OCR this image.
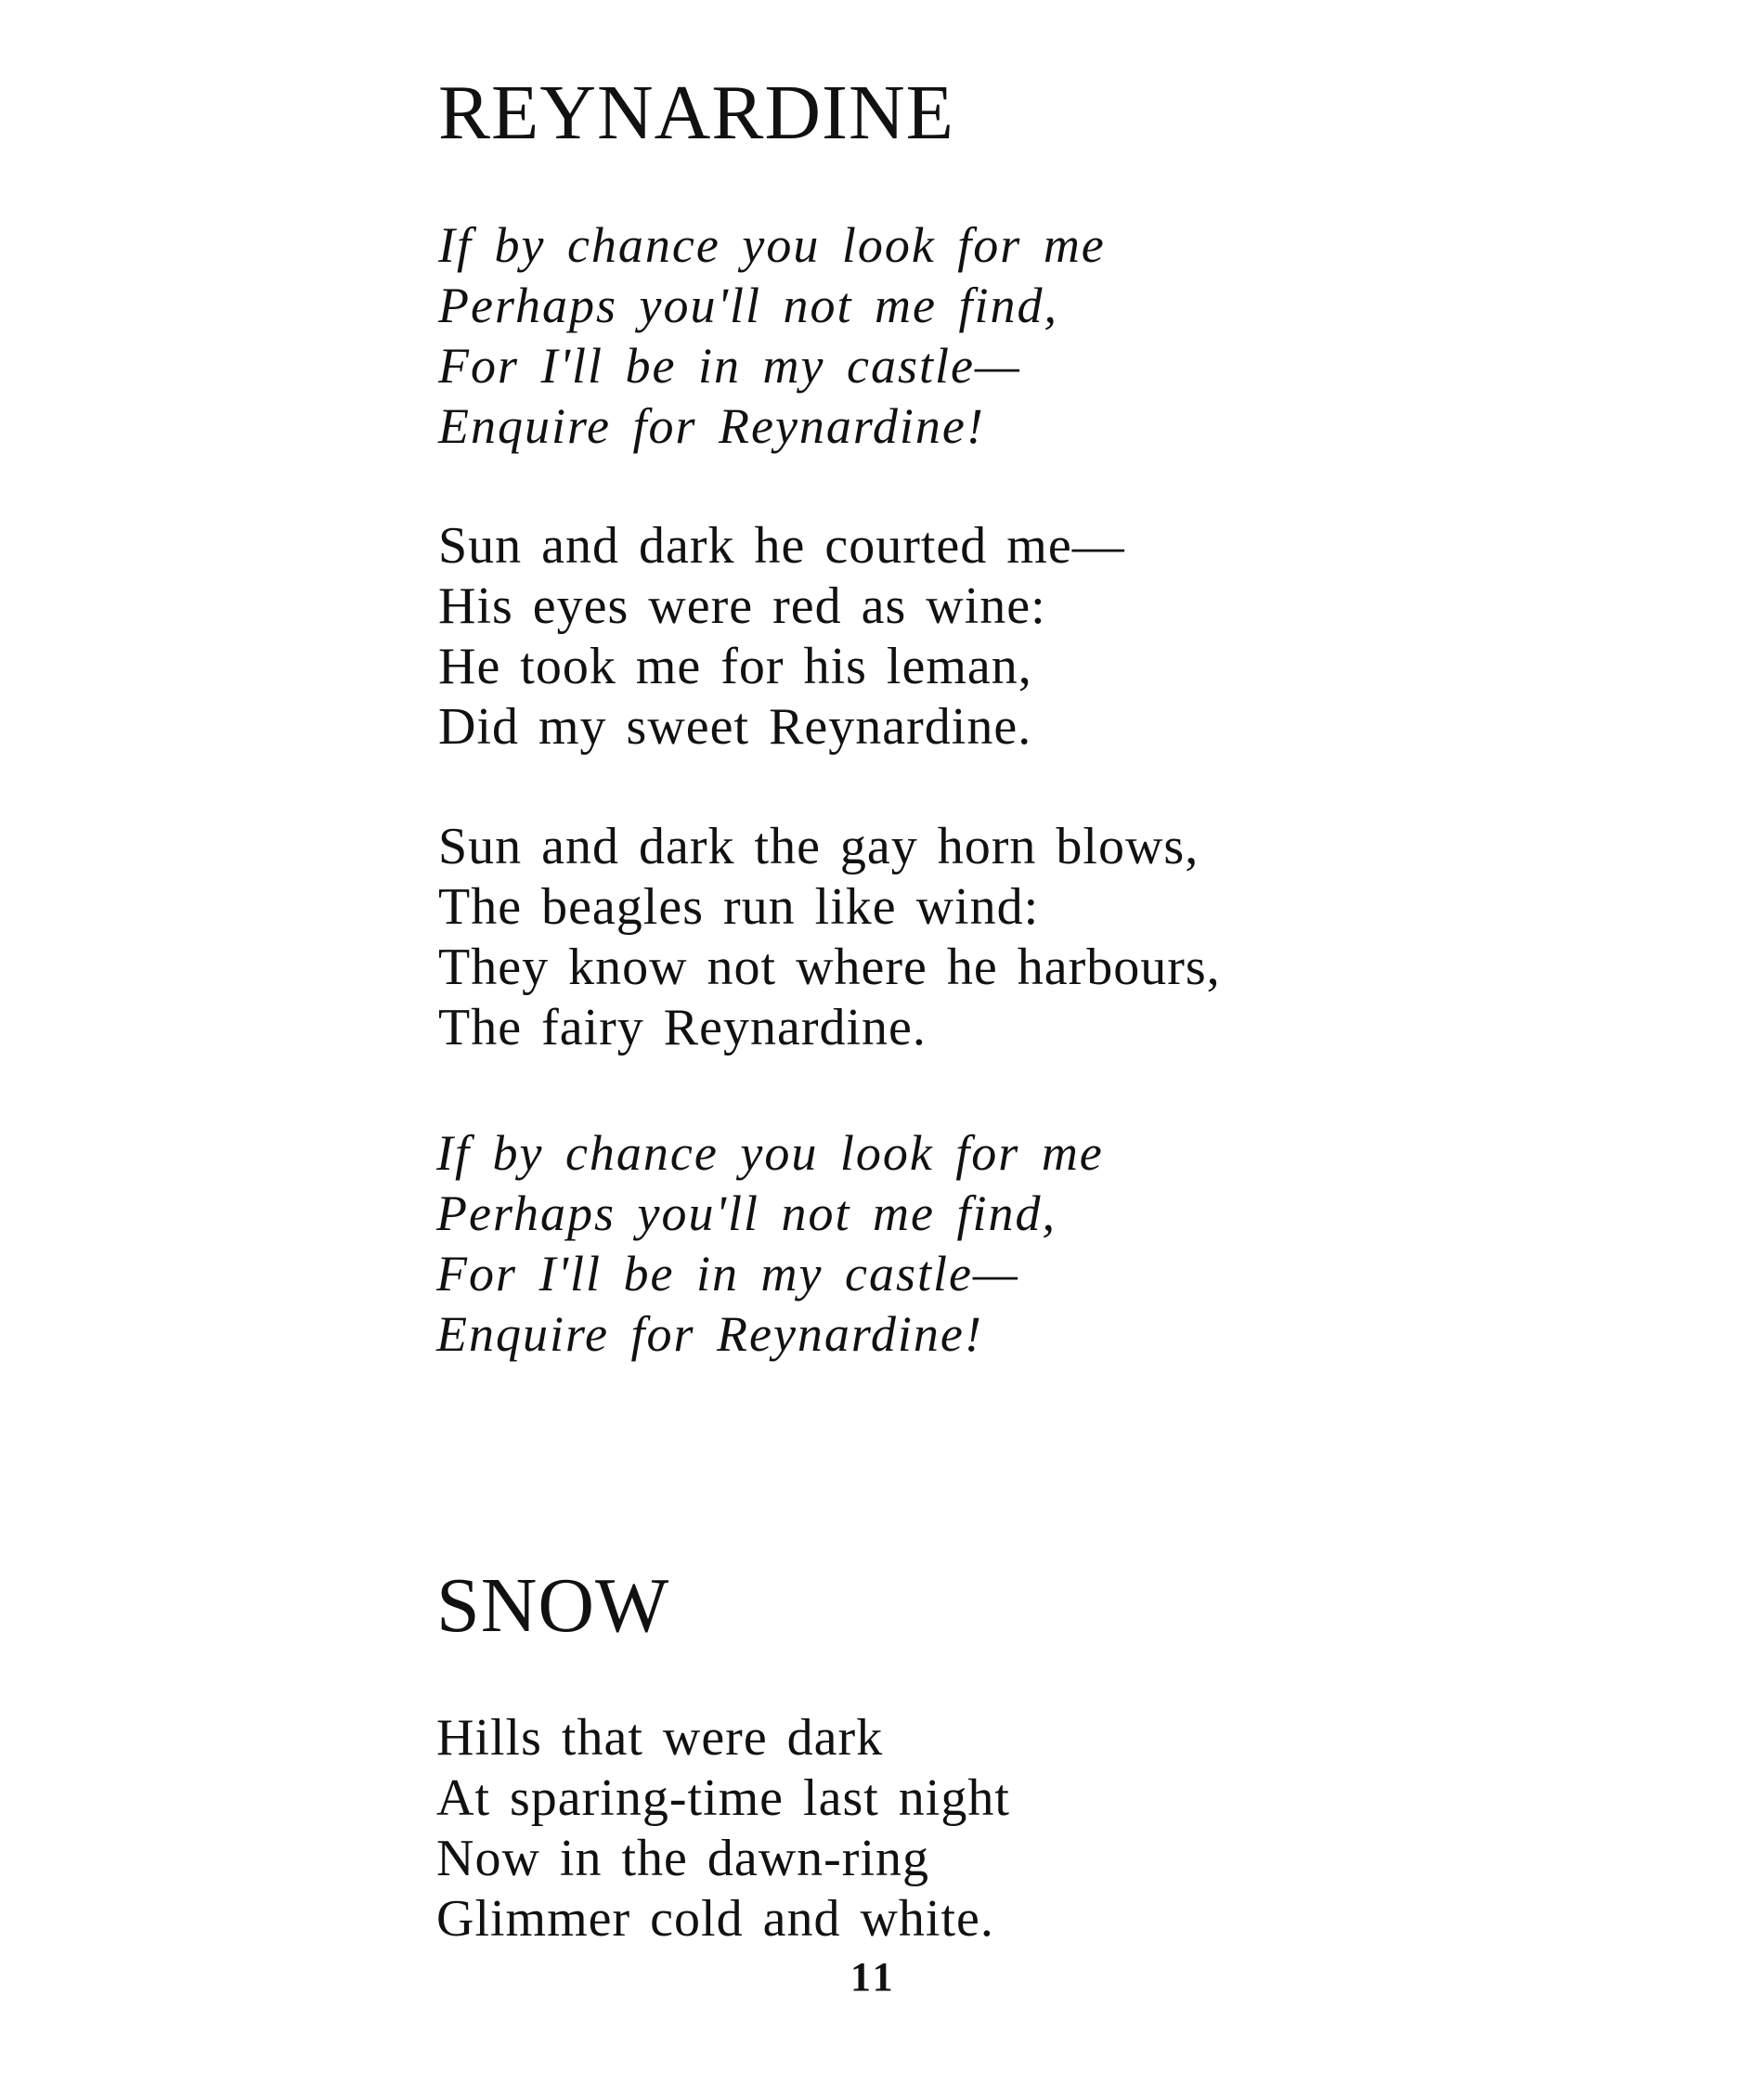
REYNARDINE
If by chance you look for me
Perhaps you'll not me find,
For I'll be in my castle—
Enquire for Reynardine!
Sun and dark he courted me—
His eyes were red as wine:
He took me for his leman,
Did my sweet Reynardine.
Sun and dark the gay horn blows,
The beagles run like wind:
They know not where he harbours,
The fairy Reynardine.
If by chance you look for me
Perhaps you'll not me find,
For I'll be in my castle—
Enquire for Reynardine!
SNOW
Hills that were dark
At sparing-time last night
Now in the dawn-ring
Glimmer cold and white.
11
